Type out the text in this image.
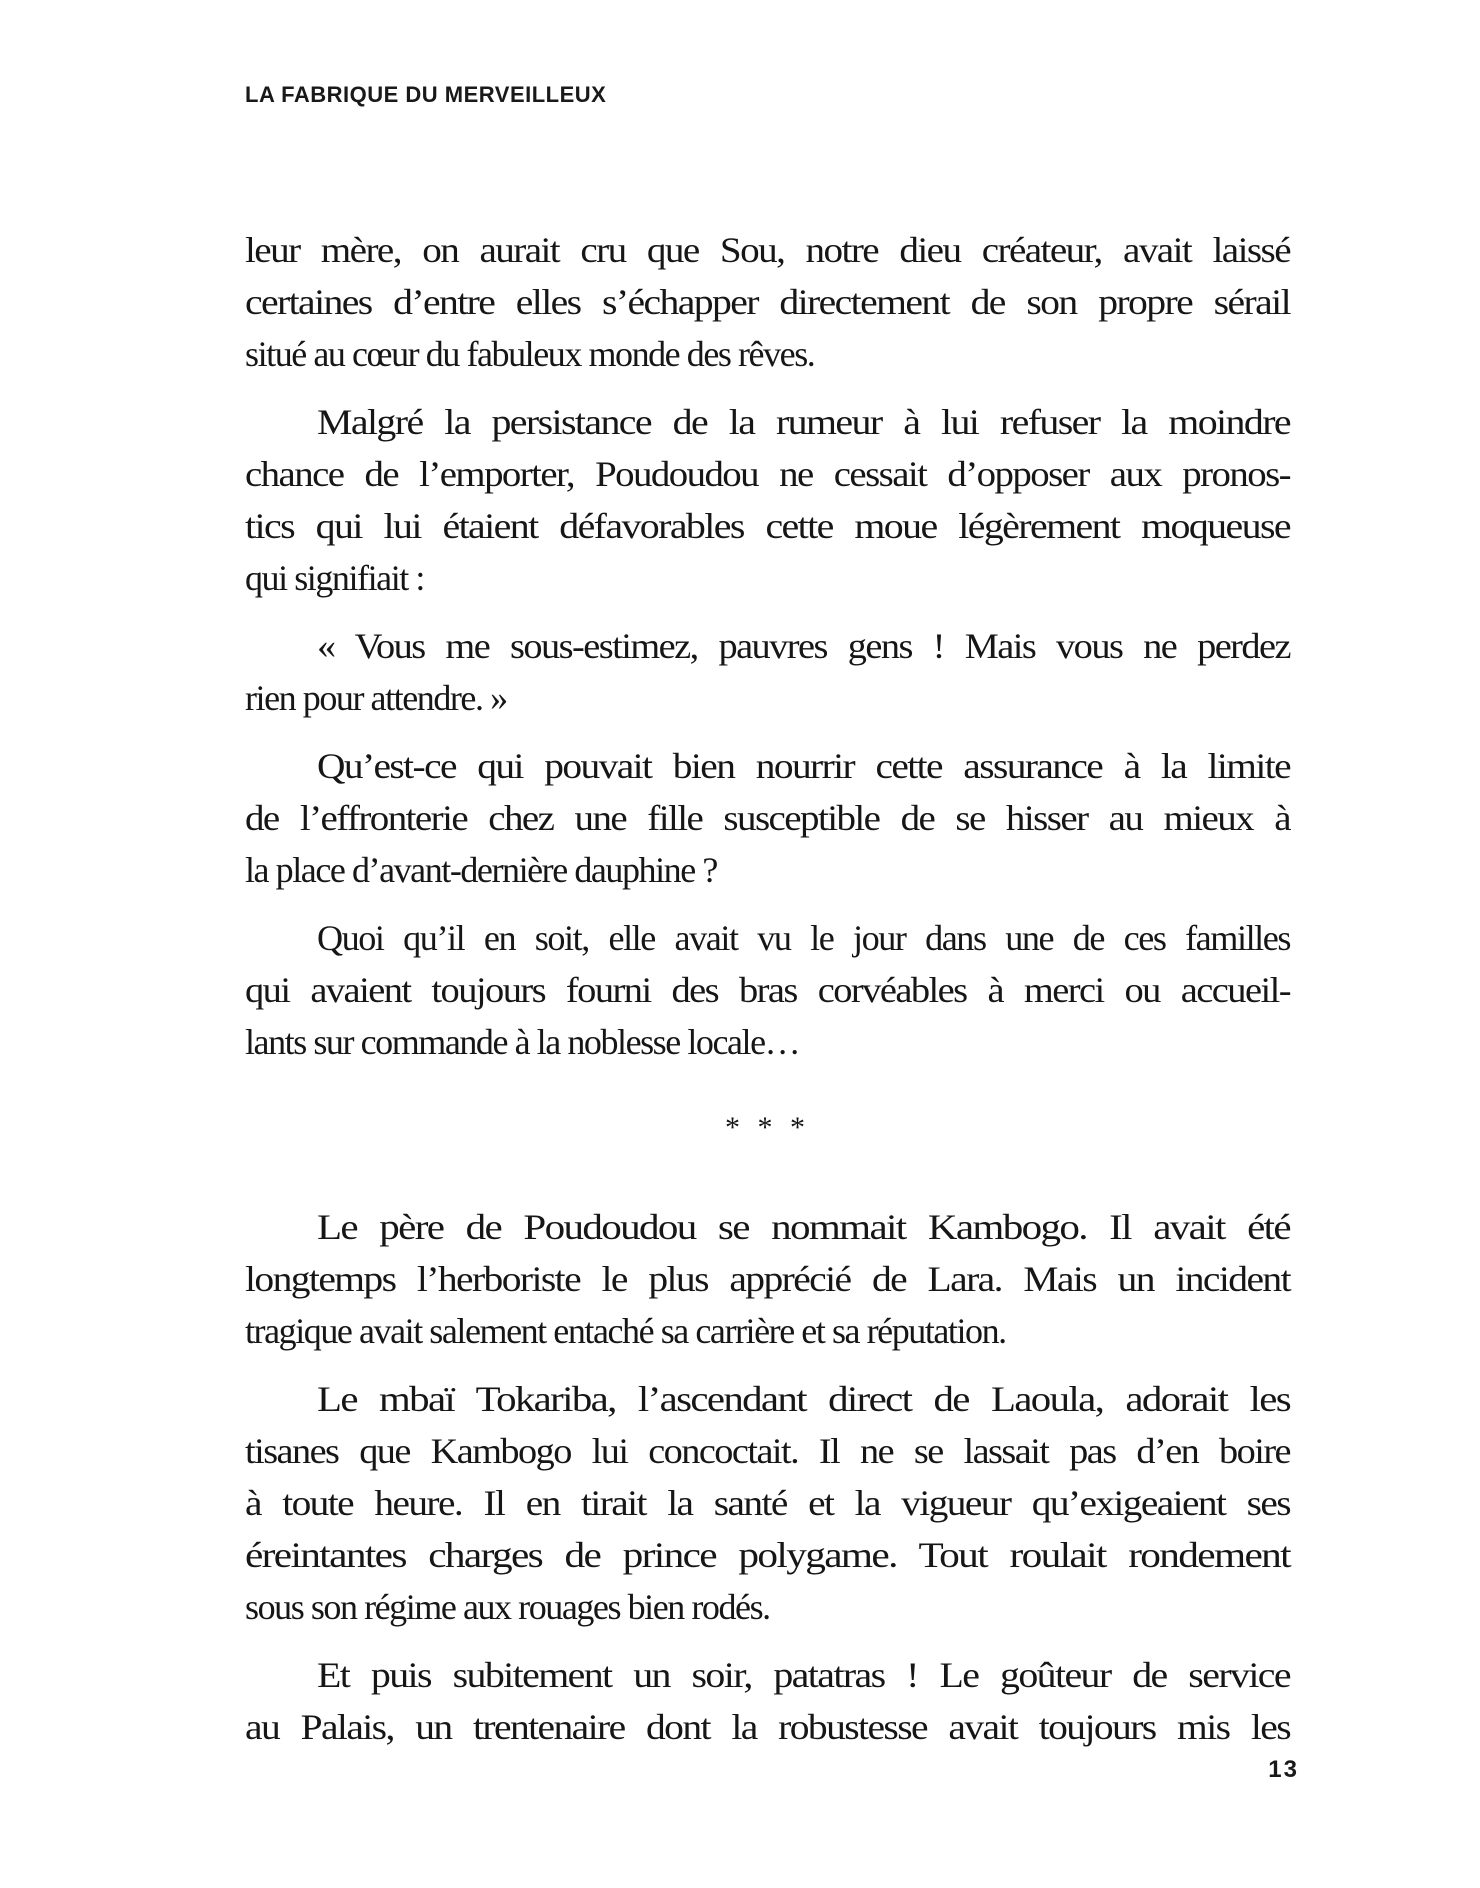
LA FABRIQUE DU MERVEILLEUX

leur mère, on aurait cru que Sou, notre dieu créateur, avait laissé
certaines d’entre elles s’échapper directement de son propre sérail
situé au cœur du fabuleux monde des rêves.

Malgré la persistance de la rumeur à lui refuser la moindre
chance de l’emporter, Poudoudou ne cessait d’opposer aux pronos-
tics qui lui étaient défavorables cette moue légèrement moqueuse
qui signifiait :

« Vous me sous-estimez, pauvres gens ! Mais vous ne perdez
rien pour attendre. »

Qu’est-ce qui pouvait bien nourrir cette assurance à la limite
de l’effronterie chez une fille susceptible de se hisser au mieux à
la place d’avant-dernière dauphine ?

Quoi qu’il en soit, elle avait vu le jour dans une de ces familles
qui avaient toujours fourni des bras corvéables à merci ou accueil-
lants sur commande à la noblesse locale…

* * *

Le père de Poudoudou se nommait Kambogo. Il avait été
longtemps l’herboriste le plus apprécié de Lara. Mais un incident
tragique avait salement entaché sa carrière et sa réputation.

Le mbaï Tokariba, l’ascendant direct de Laoula, adorait les
tisanes que Kambogo lui concoctait. Il ne se lassait pas d’en boire
à toute heure. Il en tirait la santé et la vigueur qu’exigeaient ses
éreintantes charges de prince polygame. Tout roulait rondement
sous son régime aux rouages bien rodés.

Et puis subitement un soir, patatras ! Le goûteur de service
au Palais, un trentenaire dont la robustesse avait toujours mis les

13
